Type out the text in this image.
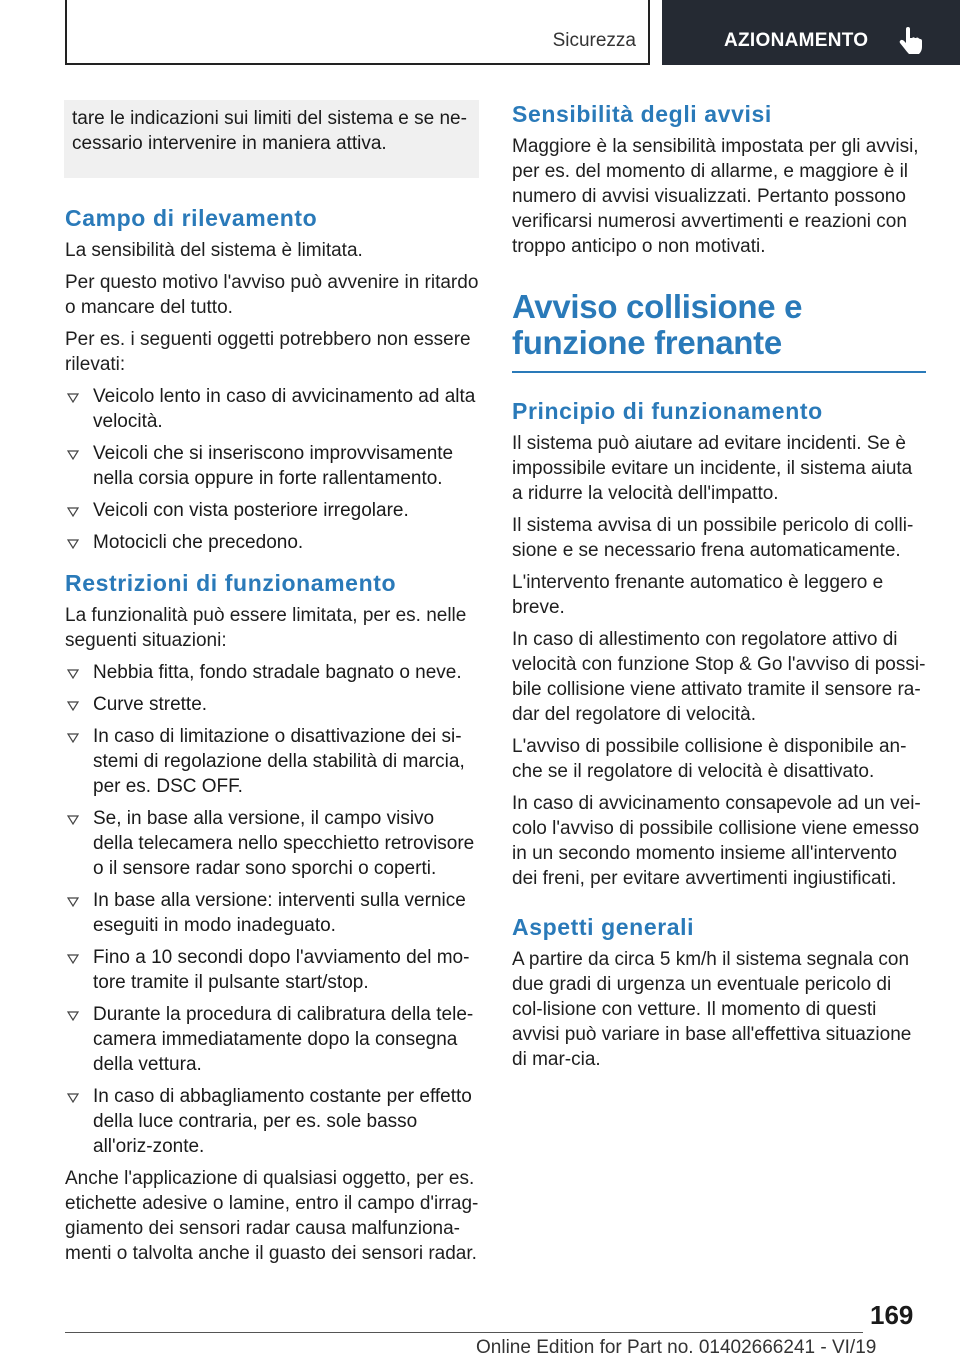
Sicurezza	AZIONAMENTO
tare le indicazioni sui limiti del sistema e se ne-cessario intervenire in maniera attiva.
Campo di rilevamento

La sensibilità del sistema è limitata.

Per questo motivo l'avviso può avvenire in ritardo o mancare del tutto.

Per es. i seguenti oggetti potrebbero non essere rilevati:

Veicolo lento in caso di avvicinamento ad alta velocità.
Veicoli che si inseriscono improvvisamente nella corsia oppure in forte rallentamento.
Veicoli con vista posteriore irregolare.
Motocicli che precedono.
Restrizioni di funzionamento

La funzionalità può essere limitata, per es. nelle seguenti situazioni:

Nebbia fitta, fondo stradale bagnato o neve.
Curve strette.
In caso di limitazione o disattivazione dei si-stemi di regolazione della stabilità di marcia, per es. DSC OFF.
Se, in base alla versione, il campo visivo della telecamera nello specchietto retrovisore o il sensore radar sono sporchi o coperti.
In base alla versione: interventi sulla vernice eseguiti in modo inadeguato.
Fino a 10 secondi dopo l'avviamento del mo-tore tramite il pulsante start/stop.
Durante la procedura di calibratura della tele-camera immediatamente dopo la consegna della vettura.
In caso di abbagliamento costante per effetto della luce contraria, per es. sole basso all'oriz-zonte.

Anche l'applicazione di qualsiasi oggetto, per es. etichette adesive o lamine, entro il campo d'irrag-giamento dei sensori radar causa malfunziona-menti o talvolta anche il guasto dei sensori radar.

Sensibilità degli avvisi

Maggiore è la sensibilità impostata per gli avvisi, per es. del momento di allarme, e maggiore è il numero di avvisi visualizzati. Pertanto possono verificarsi numerosi avvertimenti e reazioni con troppo anticipo o non motivati.

Avviso collisione e funzione frenante
Principio di funzionamento

Il sistema può aiutare ad evitare incidenti. Se è impossibile evitare un incidente, il sistema aiuta a ridurre la velocità dell'impatto.

Il sistema avvisa di un possibile pericolo di colli-sione e se necessario frena automaticamente.

L'intervento frenante automatico è leggero e breve.

In caso di allestimento con regolatore attivo di velocità con funzione Stop & Go l'avviso di possi-bile collisione viene attivato tramite il sensore ra-dar del regolatore di velocità.

L'avviso di possibile collisione è disponibile an-che se il regolatore di velocità è disattivato.

In caso di avvicinamento consapevole ad un vei-colo l'avviso di possibile collisione viene emesso in un secondo momento insieme all'intervento dei freni, per evitare avvertimenti ingiustificati.

Aspetti generali

A partire da circa 5 km/h il sistema segnala con due gradi di urgenza un eventuale pericolo di col-lisione con vetture. Il momento di questi avvisi può variare in base all'effettiva situazione di mar-cia.

169
Online Edition for Part no. 01402666241 - VI/19
